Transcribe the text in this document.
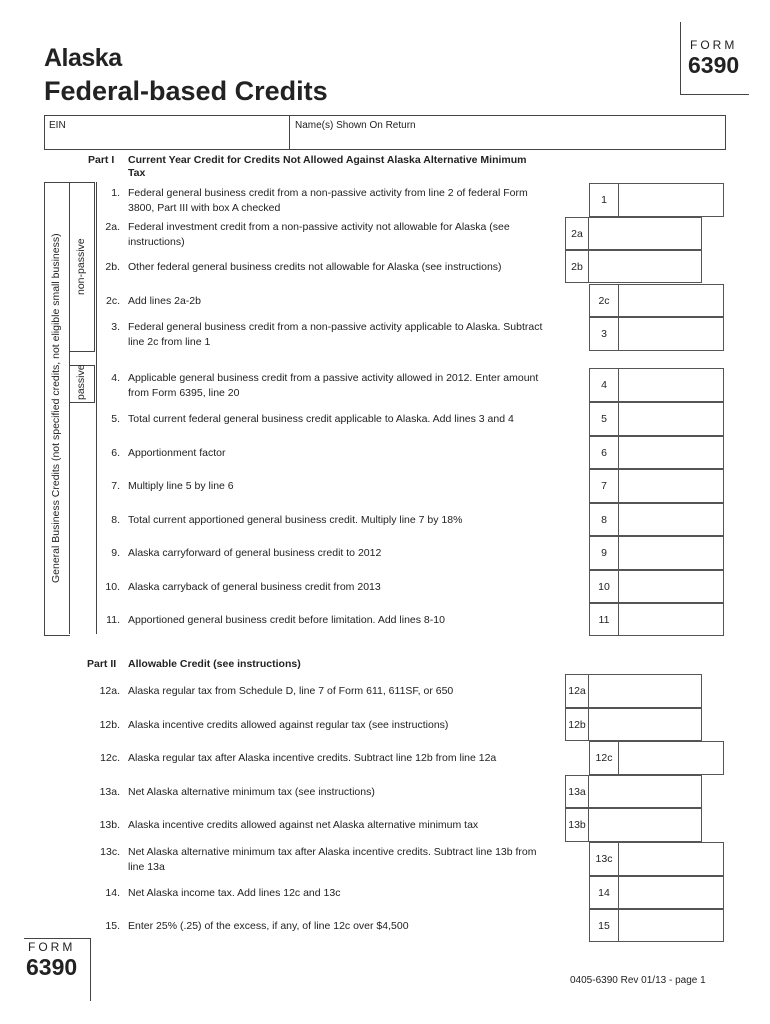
Alaska
Federal-based Credits
FORM
6390
EIN	Name(s) Shown On Return
General Business Credits (not specified credits, not eligible small business) non-passive
passive
Part I Current Year Credit for Credits Not Allowed Against Alaska Alternative Minimum
Tax
1. Federal general business credit from a non-passive activity from line 2 of federal Form
3800, Part III with box A checked
1
2a. Federal investment credit from a non-passive activity not allowable for Alaska (see
instructions)
2a
2b. Other federal general business credits not allowable for Alaska (see instructions)	2b
2c. Add lines 2a-2b	2c
3. Federal general business credit from a non-passive activity applicable to Alaska. Subtract
line 2c from line 1
3
4. Applicable general business credit from a passive activity allowed in 2012. Enter amount
from Form 6395, line 20
4
5. Total current federal general business credit applicable to Alaska. Add lines 3 and 4	5
6. Apportionment factor	6
7. Multiply line 5 by line 6	7
8. Total current apportioned general business credit. Multiply line 7 by 18%	8
9. Alaska carryforward of general business credit to 2012	9
10. Alaska carryback of general business credit from 2013	10
11. Apportioned general business credit before limitation. Add lines 8-10	11
12a. Alaska regular tax from Schedule D, line 7 of Form 611, 611SF, or 650	12a
12b. Alaska incentive credits allowed against regular tax (see instructions)	12b
12c. Alaska regular tax after Alaska incentive credits. Subtract line 12b from line 12a	12c
13a. Net Alaska alternative minimum tax (see instructions)	13a
13b. Alaska incentive credits allowed against net Alaska alternative minimum tax	13b
13c. Net Alaska alternative minimum tax after Alaska incentive credits. Subtract line 13b from
line 13a
13c
14. Net Alaska income tax. Add lines 12c and 13c	14
15. Enter 25% (.25) of the excess, if any, of line 12c over $4,500	15
Part II Allowable Credit (see instructions)
FORM
6390
0405-6390 Rev 01/13 - page 1
